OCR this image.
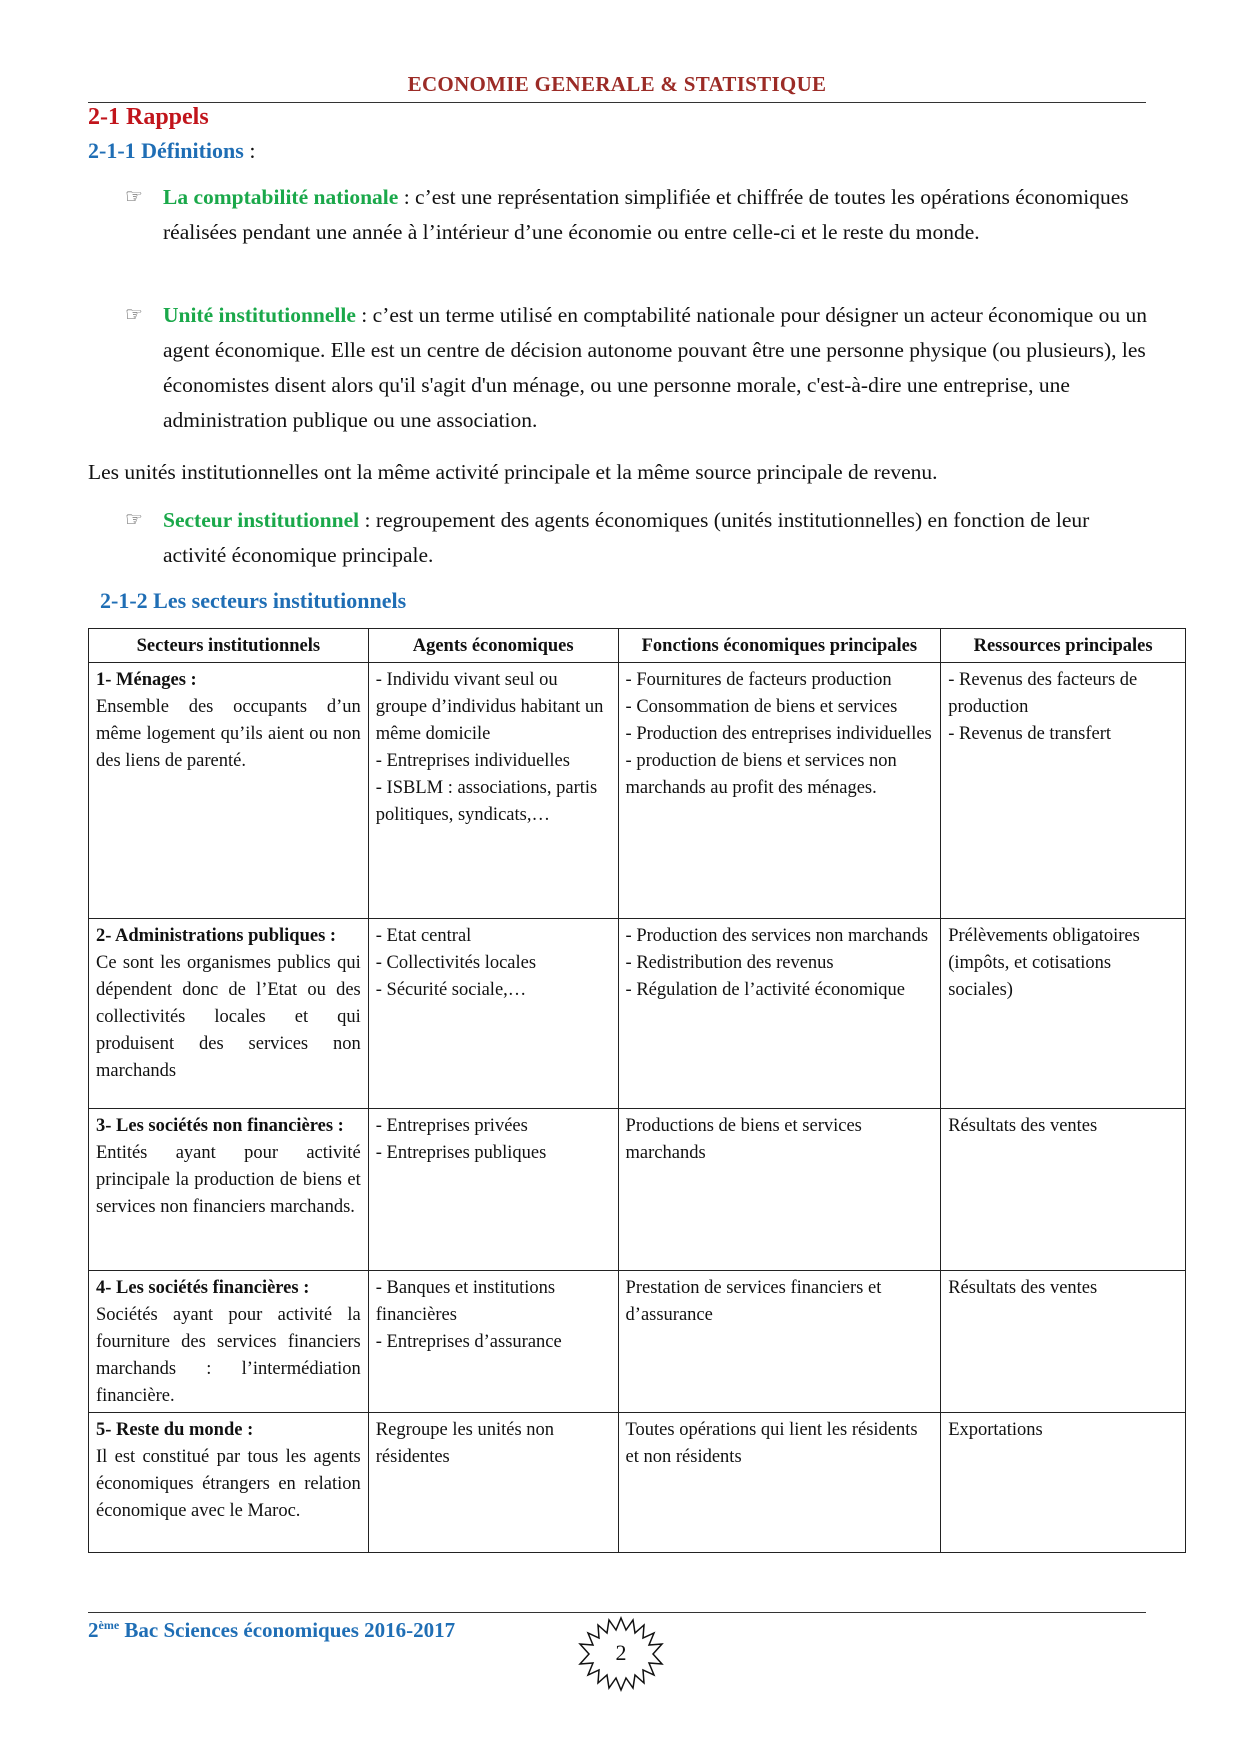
ECONOMIE GENERALE & STATISTIQUE
2-1 Rappels
2-1-1 Définitions :
☞ La comptabilité nationale : c’est une représentation simplifiée et chiffrée de toutes les opérations économiques réalisées pendant une année à l’intérieur d’une économie ou entre celle-ci et le reste du monde.
☞ Unité institutionnelle : c’est un terme utilisé en comptabilité nationale pour désigner un acteur économique ou un agent économique. Elle est un centre de décision autonome pouvant être une personne physique (ou plusieurs), les économistes disent alors qu'il s'agit d'un ménage, ou une personne morale, c'est-à-dire une entreprise, une administration publique ou une association.
Les unités institutionnelles ont la même activité principale et la même source principale de revenu.
☞ Secteur institutionnel : regroupement des agents économiques (unités institutionnelles) en fonction de leur activité économique principale.
2-1-2 Les secteurs institutionnels
Secteurs institutionnels	Agents économiques	Fonctions économiques principales	Ressources principales

1- Ménages :
Ensemble des occupants d’un même logement qu’ils aient ou non des liens de parenté.	- Individu vivant seul ou groupe d’individus habitant un même domicile
- Entreprises individuelles
- ISBLM : associations, partis politiques, syndicats,…	- Fournitures de facteurs production
- Consommation de biens et services
- Production des entreprises individuelles
- production de biens et services non marchands au profit des ménages.	- Revenus des facteurs de production
- Revenus de transfert

2- Administrations publiques :
Ce sont les organismes publics qui dépendent donc de l’Etat ou des collectivités locales et qui produisent des services non marchands	- Etat central
- Collectivités locales
- Sécurité sociale,…	- Production des services non marchands
- Redistribution des revenus
- Régulation de l’activité économique	Prélèvements obligatoires (impôts, et cotisations sociales)

3- Les sociétés non financières :
Entités ayant pour activité principale la production de biens et services non financiers marchands.	- Entreprises privées
- Entreprises publiques	Productions de biens et services marchands	Résultats des ventes

4- Les sociétés financières :
Sociétés ayant pour activité la fourniture des services financiers marchands : l’intermédiation financière.	- Banques et institutions financières
- Entreprises d’assurance	Prestation de services financiers et d’assurance	Résultats des ventes

5- Reste du monde :
Il est constitué par tous les agents économiques étrangers en relation économique avec le Maroc.	Regroupe les unités non résidentes	Toutes opérations qui lient les résidents et non résidents	Exportations
2ème Bac Sciences économiques 2016-2017
2
